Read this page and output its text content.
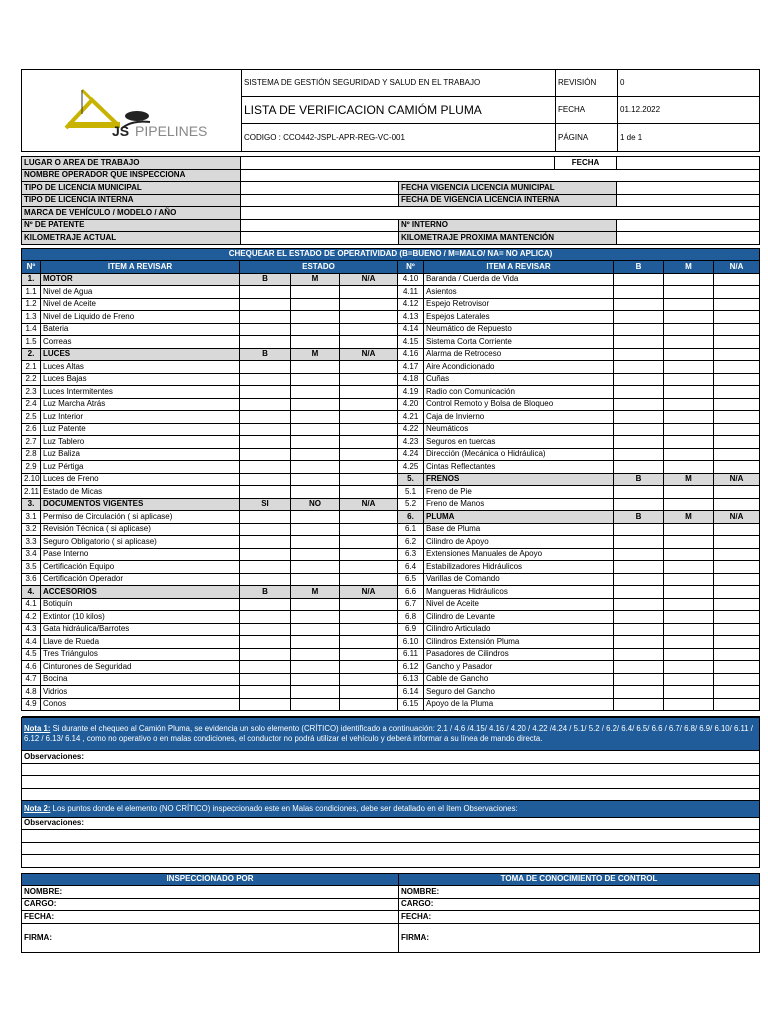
JS PIPELINES	SISTEMA DE GESTIÓN SEGURIDAD Y SALUD EN EL TRABAJO	REVISIÓN	0
	LISTA DE VERIFICACION CAMIÓM PLUMA	FECHA	01.12.2022
	CODIGO : CCO442-JSPL-APR-REG-VC-001	PÁGINA	1 de 1
LUGAR O AREA DE TRABAJO			FECHA	
NOMBRE OPERADOR QUE INSPECCIONA				
TIPO DE LICENCIA MUNICIPAL		FECHA VIGENCIA LICENCIA MUNICIPAL		
TIPO DE LICENCIA INTERNA		FECHA DE VIGENCIA LICENCIA INTERNA		
MARCA DE VEHÍCULO / MODELO / AÑO				
Nº DE PATENTE		Nº INTERNO		
KILOMETRAJE ACTUAL		KILOMETRAJE PROXIMA MANTENCIÓN		
CHEQUEAR EL ESTADO DE OPERATIVIDAD (B=BUENO / M=MALO/ NA= NO APLICA)									
Nº	ITEM A REVISAR	ESTADO			Nº	ITEM A REVISAR	B	M	N/A
1.	MOTOR	B	M	N/A	4.10	Baranda / Cuerda de Vida			
1.1	Nivel de Agua				4.11	Asientos			
1.2	Nivel de Aceite				4.12	Espejo Retrovisor			
1.3	Nivel de Liquido de Freno				4.13	Espejos Laterales			
1.4	Bateria				4.14	Neumático de Repuesto			
1.5	Correas				4.15	Sistema Corta Corriente			
2.	LUCES	B	M	N/A	4.16	Alarma de Retroceso			
2.1	Luces Altas				4.17	Aire Acondicionado			
2.2	Luces Bajas				4.18	Cuñas			
2.3	Luces Intermitentes				4.19	Radio con Comunicación			
2.4	Luz Marcha Atrás				4.20	Control Remoto y Bolsa de Bloqueo			
2.5	Luz Interior				4.21	Caja de Invierno			
2.6	Luz Patente				4.22	Neumáticos			
2.7	Luz Tablero				4.23	Seguros en tuercas			
2.8	Luz Baliza				4.24	Dirección (Mecánica o Hidráulica)			
2.9	Luz Pértiga				4.25	Cintas Reflectantes			
2.10	Luces de Freno				5.	FRENOS	B	M	N/A
2.11	Estado de Micas				5.1	Freno de Pie			
3.	DOCUMENTOS VIGENTES	SI	NO	N/A	5.2	Freno de Manos			
3.1	Permiso de Circulación ( si aplicase)				6.	PLUMA	B	M	N/A
3.2	Revisión Técnica ( si aplicase)				6.1	Base de Pluma			
3.3	Seguro Obligatorio ( si aplicase)				6.2	Cilindro de Apoyo			
3.4	Pase Interno				6.3	Extensiones Manuales de Apoyo			
3.5	Certificación Equipo				6.4	Estabilizadores Hidráulicos			
3.6	Certificación Operador				6.5	Varillas de Comando			
4.	ACCESORIOS	B	M	N/A	6.6	Mangueras Hidráulicos			
4.1	Botiquín				6.7	Nivel de Aceite			
4.2	Extintor (10 kilos)				6.8	Cilindro de Levante			
4.3	Gata hidráulica/Barrotes				6.9	Cilindro Articulado			
4.4	Llave de Rueda				6.10	Cilindros Extensión Pluma			
4.5	Tres Triángulos				6.11	Pasadores de Cilindros			
4.6	Cinturones de Seguridad				6.12	Gancho y Pasador			
4.7	Bocina				6.13	Cable de Gancho			
4.8	Vidrios				6.14	Seguro del Gancho			
4.9	Conos				6.15	Apoyo de la Pluma			

Nota 1: Si durante el chequeo al Camión Pluma, se evidencia un solo elemento (CRÍTICO) identificado a continuación: 2.1 / 4.6 /4.15/ 4.16 / 4.20 / 4.22 /4.24 / 5.1/ 5.2 / 6.2/ 6.4/ 6.5/ 6.6 / 6.7/ 6.8/ 6.9/ 6.10/ 6.11 / 6.12 / 6.13/ 6.14 , como no operativo o en malas condiciones, el conductor no podrá utilizar el vehículo y deberá informar a su línea de mando directa.
Observaciones:

Nota 2: Los puntos donde el elemento (NO CRÍTICO) inspeccionado este en Malas condiciones, debe ser detallado en el ítem Observaciones:
Observaciones:

INSPECCIONADO POR	TOMA DE CONOCIMIENTO DE CONTROL
NOMBRE:	NOMBRE:
CARGO:	CARGO:
FECHA:	FECHA:
FIRMA:	FIRMA:
